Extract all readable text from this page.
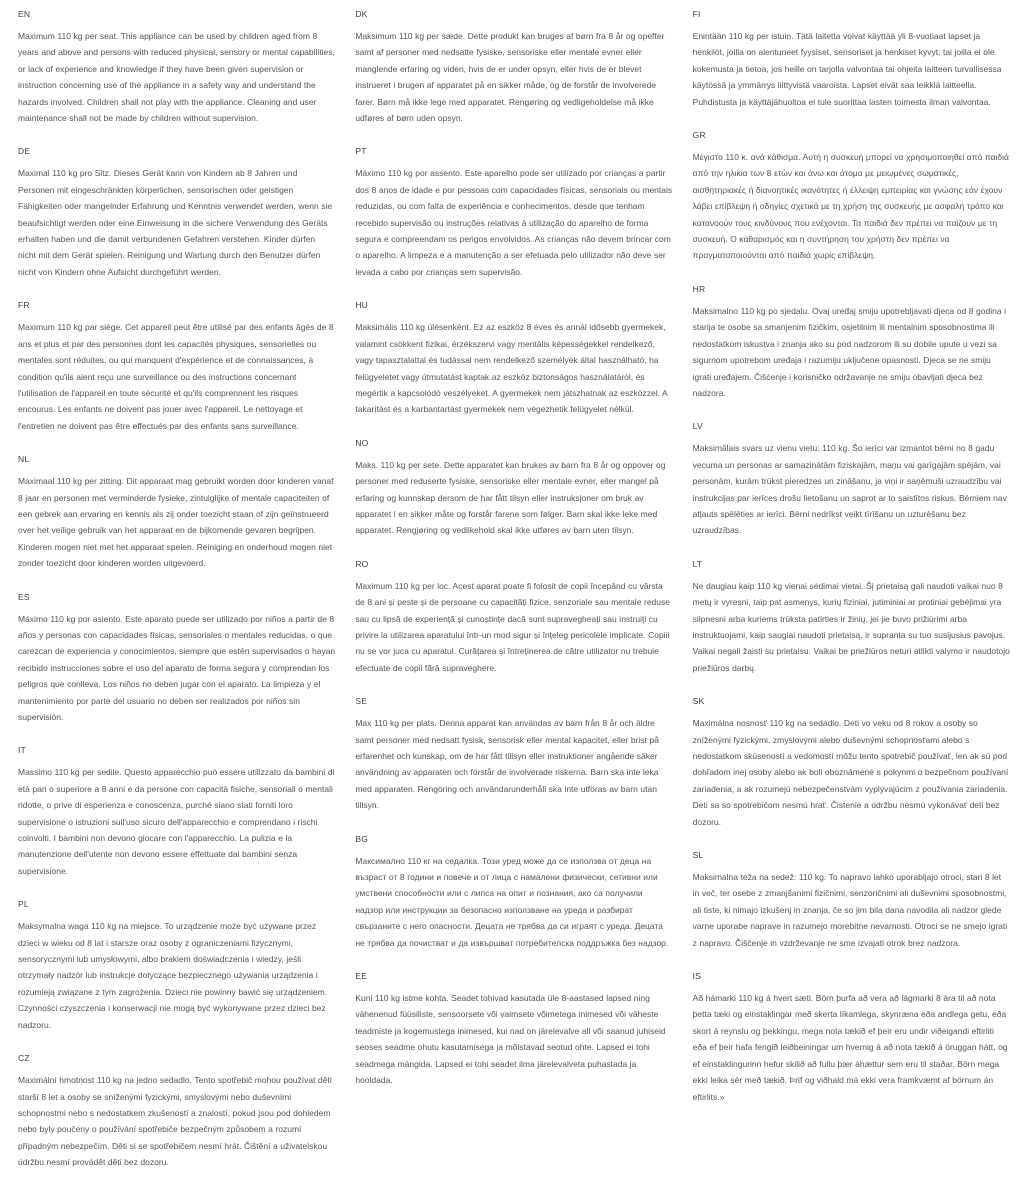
EN

Maximum 110 kg per seat. This appliance can be used by children aged from 8 years and above and persons with reduced physical, sensory or mental capabilities, or lack of experience and knowledge if they have been given supervision or instruction concerning use of the appliance in a safety way and understand the hazards involved. Children shall not play with the appliance. Cleaning and user maintenance shall not be made by children without supervision.

DE

Maximal 110 kg pro Sitz. Dieses Gerät kann von Kindern ab 8 Jahren und Personen mit eingeschränkten körperlichen, sensorischen oder geistigen Fähigkeiten oder mangelnder Erfahrung und Kenntnis verwendet werden, wenn sie beaufsichtigt werden oder eine Einweisung in die sichere Verwendung des Geräts erhalten haben und die damit verbundenen Gefahren verstehen. Kinder dürfen nicht mit dem Gerät spielen. Reinigung und Wartung durch den Benutzer dürfen nicht von Kindern ohne Aufsicht durchgeführt werden.

FR

Maximum 110 kg par siège. Cet appareil peut être utilisé par des enfants âgés de 8 ans et plus et par des personnes dont les capacités physiques, sensorielles ou mentales sont réduites, ou qui manquent d'expérience et de connaissances, à condition qu'ils aient reçu une surveillance ou des instructions concernant l'utilisation de l'appareil en toute sécurité et qu'ils comprennent les risques encourus. Les enfants ne doivent pas jouer avec l'appareil. Le nettoyage et l'entretien ne doivent pas être effectués par des enfants sans surveillance.

NL

Maximaal 110 kg per zitting. Dit apparaat mag gebruikt worden door kinderen vanaf 8 jaar en personen met verminderde fysieke, zintuiglijke of mentale capaciteiten of een gebrek aan ervaring en kennis als zij onder toezicht staan of zijn geïnstrueerd over het veilige gebruik van het apparaat en de bijkomende gevaren begrijpen. Kinderen mogen niet met het apparaat spelen. Reiniging en onderhoud mogen niet zonder toezicht door kinderen worden uitgevoerd.

ES

Máximo 110 kg por asiento. Este aparato puede ser utilizado por niños a partir de 8 años y personas con capacidades físicas, sensoriales o mentales reducidas, o que carezcan de experiencia y conocimientos, siempre que estén supervisados o hayan recibido instrucciones sobre el uso del aparato de forma segura y comprendan los peligros que conlleva. Los niños no deben jugar con el aparato. La limpieza y el mantenimiento por parte del usuario no deben ser realizados por niños sin supervisión.

IT

Massimo 110 kg per sedile. Questo apparecchio può essere utilizzato da bambini di età pari o superiore a 8 anni e da persone con capacità fisiche, sensoriali o mentali ridotte, o prive di esperienza e conoscenza, purché siano stati forniti loro supervisione o istruzioni sull'uso sicuro dell'apparecchio e comprendano i rischi coinvolti. I bambini non devono giocare con l'apparecchio. La pulizia e la manutenzione dell'utente non devono essere effettuate dai bambini senza supervisione.

PL

Maksymalna waga 110 kg na miejsce. To urządzenie może być używane przez dzieci w wieku od 8 lat i starsze oraz osoby z ograniczeniami fizycznymi, sensorycznymi lub umysłowymi, albo brakiem doświadczenia i wiedzy, jeśli otrzymały nadzór lub instrukcje dotyczące bezpiecznego używania urządzenia i rozumieją związane z tym zagrożenia. Dzieci nie powinny bawić się urządzeniem. Czynności czyszczenia i konserwacji nie mogą być wykonywane przez dzieci bez nadzoru.

CZ

Maximální hmotnost 110 kg na jedno sedadlo. Tento spotřebič mohou používat děti starší 8 let a osoby se sníženými fyzickými, smyslovými nebo duševními schopnostmi nebo s nedostatkem zkušeností a znalostí, pokud jsou pod dohledem nebo byly poučeny o používání spotřebiče bezpečným způsobem a rozumí případným nebezpečím. Děti si se spotřebičem nesmí hrát. Čištění a uživatelskou údržbu nesmí provádět děti bez dozoru.

DK

Maksimum 110 kg per sæde. Dette produkt kan bruges af børn fra 8 år og opefter samt af personer med nedsatte fysiske, sensoriske eller mentale evner eller manglende erfaring og viden, hvis de er under opsyn, eller hvis de er blevet instrueret i brugen af apparatet på en sikker måde, og de forstår de involverede farer. Børn må ikke lege med apparatet. Rengøring og vedligeholdelse må ikke udføres af børn uden opsyn.

PT

Máximo 110 kg por assento. Este aparelho pode ser utilizado por crianças a partir dos 8 anos de idade e por pessoas com capacidades físicas, sensoriais ou mentais reduzidas, ou com falta de experiência e conhecimentos, desde que tenham recebido supervisão ou instruções relativas à utilização do aparelho de forma segura e compreendam os perigos envolvidos. As crianças não devem brincar com o aparelho. A limpeza e a manutenção a ser efetuada pelo utilizador não deve ser levada a cabo por crianças sem supervisão.

HU

Maksimális 110 kg ülésenként. Ez az eszköz 8 éves és annál idősebb gyermekek, valamint csökkent fizikai, érzékszervi vagy mentális képességekkel rendelkező, vagy tapasztalattal és tudással nem rendelkező személyek által használható, ha felügyeletet vagy útmutatást kaptak az eszköz biztonságos használatáról, és megértik a kapcsolódó veszélyeket. A gyermekek nem játszhatnak az eszközzel. A takarítást és a karbantartást gyermekek nem végezhetik felügyelet nélkül.

NO

Maks. 110 kg per sete. Dette apparatet kan brukes av barn fra 8 år og oppover og personer med reduserte fysiske, sensoriske eller mentale evner, eller mangel på erfaring og kunnskap dersom de har fått tilsyn eller instruksjoner om bruk av apparatet i en sikker måte og forstår farene som følger. Barn skal ikke leke med apparatet. Rengjøring og vedlikehold skal ikke utføres av barn uten tilsyn.

RO

Maximum 110 kg per loc. Acest aparat poate fi folosit de copii începând cu vârsta de 8 ani și peste și de persoane cu capacități fizice, senzoriale sau mentale reduse sau cu lipsă de experiență și cunoștințe dacă sunt supravegheați sau instruiți cu privire la utilizarea aparatului într-un mod sigur și înțeleg pericolele implicate. Copiii nu se vor juca cu aparatul. Curățarea și întreținerea de către utilizator nu trebuie efectuate de copii fără supraveghere.

SE

Max 110 kg per plats. Denna apparat kan användas av barn från 8 år och äldre samt personer med nedsatt fysisk, sensorisk eller mental kapacitet, eller brist på erfarenhet och kunskap, om de har fått tillsyn eller instruktioner angående säker användning av apparaten och förstår de involverade riskerna. Barn ska inte leka med apparaten. Rengöring och användarunderhåll ska inte utföras av barn utan tillsyn.

BG

Максимално 110 кг на седалка. Този уред може да се използва от деца на възраст от 8 години и повече и от лица с намалени физически, сетивни или умствени способности или с липса на опит и познания, ако са получили надзор или инструкции за безопасно използване на уреда и разбират свързаните с него опасности. Децата не трябва да си играят с уреда. Децата не трябва да почистват и да извършват потребителска поддръжка без надзор.

EE

Kuni 110 kg istme kohta. Seadet tohivad kasutada üle 8-aastased lapsed ning vähenenud füüsiliste, sensoorsete või vaimsete võimetega inimesed või väheste teadmiste ja kogemustega inimesed, kui nad on järelevalve all või saanud juhiseid seoses seadme ohutu kasutamisega ja mõistavad seotud ohte. Lapsed ei tohi seadmega mängida. Lapsed ei tohi seadet ilma järelevalveta puhastada ja hooldada.

FI

Enintään 110 kg per istuin. Tätä laitetta voivat käyttää yli 8-vuotiaat lapset ja henkilöt, joilla on alentuneet fyysiset, sensoriset ja henkiset kyvyt, tai joilla ei ole kokemusta ja tietoa, jos heille on tarjolla valvontaa tai ohjeita laitteen turvallisessa käytössä ja ymmärrys liittyvistä vaaroista. Lapset eivät saa leikkiä laitteella. Puhdistusta ja käyttäjähuoltoa ei tule suorittaa lasten toimesta ilman valvontaa.

GR

Μέγιστο 110 κ. ανά κάθισμα. Αυτή η συσκευή μπορεί να χρησιμοποιηθεί από παιδιά από την ηλικία των 8 ετών και άνω και άτομα με μειωμένες σωματικές, αισθητηριακές ή διανοητικές ικανότητες ή έλλειψη εμπειρίας και γνώσης εάν έχουν λάβει επίβλεψη ή οδηγίες σχετικά με τη χρήση της συσκευής με ασφαλή τρόπο και κατανοούν τους κινδύνους που ενέχονται. Τα παιδιά δεν πρέπει να παίζουν με τη συσκευή. Ο καθαρισμός και η συντήρηση του χρήστη δεν πρέπει να πραγματοποιούνται από παιδιά χωρίς επίβλεψη.

HR

Maksimalno 110 kg po sjedalu. Ovaj uređaj smiju upotrebljavati djeca od 8 godina i starija te osobe sa smanjenim fizičkim, osjetilnim ili mentalnim sposobnostima ili nedostatkom iskustva i znanja ako su pod nadzorom ili su dobile upute u vezi sa sigurnom upotrebom uređaja i razumiju uključene opasnosti. Djeca se ne smiju igrati uređajem. Čišćenje i korisničko održavanje ne smiju obavljati djeca bez nadzora.

LV

Maksimālais svars uz vienu vietu: 110 kg. Šo ierīci var izmantot bērni no 8 gadu vecuma un personas ar samazinātām fiziskajām, maņu vai garīgajām spējām, vai personām, kurām trūkst pieredzes un zināšanu, ja viņi ir saņēmuši uzraudzību vai instrukcijas par ierīces drošu lietošanu un saprot ar to saistītos riskus. Bērniem nav atļauts spēlēties ar ierīci. Bērni nedrīkst veikt tīrīšanu un uzturēšanu bez uzraudzības.

LT

Ne daugiau kaip 110 kg vienai sėdimai vietai. Šį prietaisą gali naudoti vaikai nuo 8 metų ir vyresni, taip pat asmenys, kurių fiziniai, jutiminiai ar protiniai gebėjimai yra silpnesni arba kuriems trūksta patirties ir žinių, jei jie buvo prižiūrimi arba instruktuojami, kaip saugiai naudoti prietaisą, ir supranta su tuo susijusius pavojus. Vaikai negali žaisti su prietaisu. Vaikai be priežiūros neturi atlikti valymo ir naudotojo priežiūros darbų.

SK

Maximálna nosnosť 110 kg na sedadlo. Deti vo veku od 8 rokov a osoby so zníženými fyzickými, zmyslovými alebo duševnými schopnosťami alebo s nedostatkom skúseností a vedomostí môžu tento spotrebič používať, len ak sú pod dohľadom inej osoby alebo ak boli oboznámené s pokynmi o bezpečnom používaní zariadenia, a ak rozumejú nebezpečenstvám vyplývajúcim z používania zariadenia. Deti sa so spotrebičom nesmú hrať. Čistenie a údržbu nesmú vykonávať deti bez dozoru.

SL

Maksimalna teža na sedež: 110 kg. To napravo lahko uporabljajo otroci, stari 8 let in več, ter osebe z zmanjšanimi fizičnimi, senzoričnimi ali duševnimi sposobnostmi, ali tiste, ki nimajo izkušenj in znanja, če so jim bila dana navodila ali nadzor glede varne uporabe naprave in razumejo morebitne nevarnosti. Otroci se ne smejo igrati z napravo. Čiščenje in vzdrževanje ne sme izvajati otrok brez nadzora.

IS

Að hámarki 110 kg á hvert sæti. Börn þurfa að vera að lágmarki 8 ára til að nota þetta tæki og einstaklingar með skerta líkamlega, skynræna eða andlega getu, eða skort á reynslu og þekkingu, mega nota tækið ef þeir eru undir viðeigandi eftirliti eða ef þeir hafa fengið leiðbeiningar um hvernig á að nota tækið á öruggan hátt, og ef einstaklingurinn hefur skilið að fullu þær áhættur sem eru til staðar. Börn mega ekki leika sér með tækið. Þrif og viðhald má ekki vera framkvæmt af börnum án eftirlits.»
